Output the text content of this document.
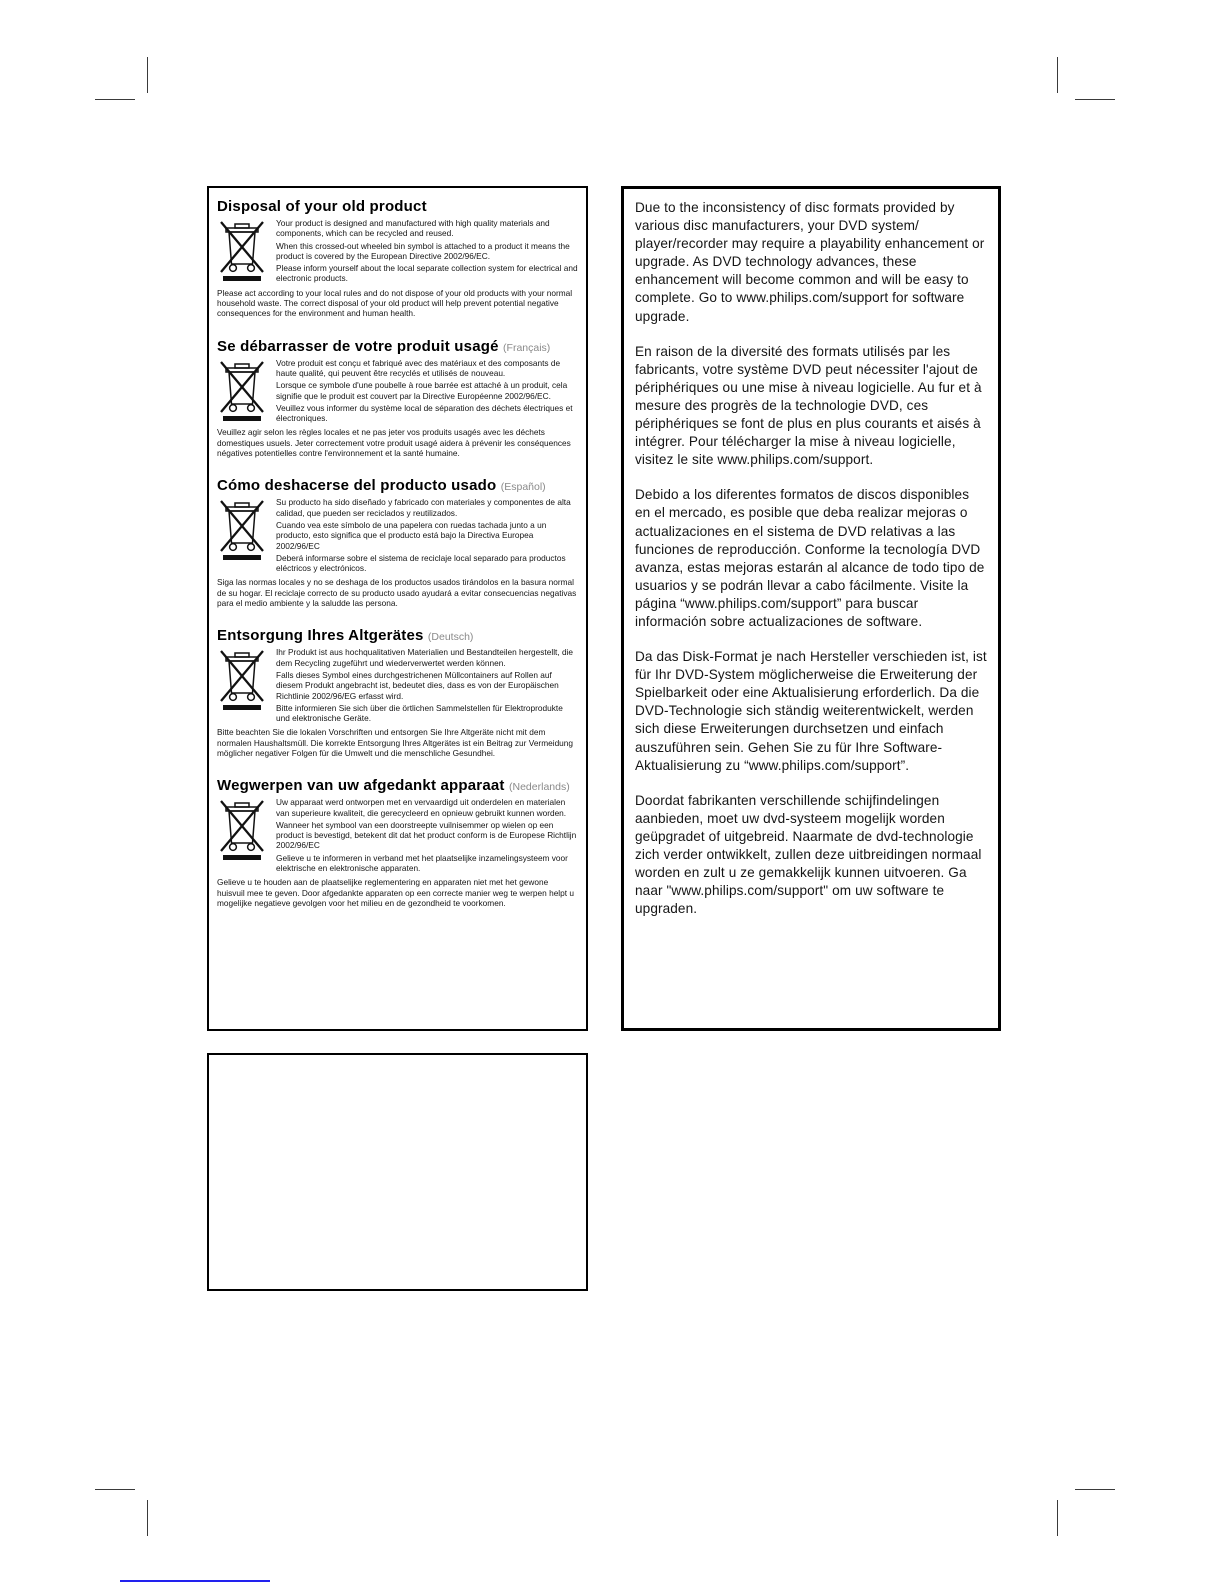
Disposal of your old product

Your product is designed and manufactured with high quality materials and components, which can be recycled and reused.

When this crossed-out wheeled bin symbol is attached to a product it means the product is covered by the European Directive 2002/96/EC.

Please inform yourself about the local separate collection system for electrical and electronic products.

Please act according to your local rules and do not dispose of your old products with your normal household waste. The correct disposal of your old product will help prevent potential negative consequences for the environment and human health.

Se débarrasser de votre produit usagé (Français)

Votre produit est conçu et fabriqué avec des matériaux et des composants de haute qualité, qui peuvent être recyclés et utilisés de nouveau.

Lorsque ce symbole d'une poubelle à roue barrée est attaché à un produit, cela signifie que le produit est couvert par la Directive Européenne 2002/96/EC.

Veuillez vous informer du système local de séparation des déchets électriques et électroniques.

Veuillez agir selon les règles locales et ne pas jeter vos produits usagés avec les déchets domestiques usuels. Jeter correctement votre produit usagé aidera à prévenir les conséquences négatives potentielles contre l'environnement et la santé humaine.

Cómo deshacerse del producto usado (Español)

Su producto ha sido diseñado y fabricado con materiales y componentes de alta calidad, que pueden ser reciclados y reutilizados.

Cuando vea este símbolo de una papelera con ruedas tachada junto a un producto, esto significa que el producto está bajo la Directiva Europea 2002/96/EC

Deberá informarse sobre el sistema de reciclaje local separado para productos eléctricos y electrónicos.

Siga las normas locales y no se deshaga de los productos usados tirándolos en la basura normal de su hogar. El reciclaje correcto de su producto usado ayudará a evitar consecuencias negativas para el medio ambiente y la saludde las persona.

Entsorgung Ihres Altgerätes (Deutsch)

Ihr Produkt ist aus hochqualitativen Materialien und Bestandteilen hergestellt, die dem Recycling zugeführt und wiederverwertet werden können.

Falls dieses Symbol eines durchgestrichenen Müllcontainers auf Rollen auf diesem Produkt angebracht ist, bedeutet dies, dass es von der Europäischen Richtlinie 2002/96/EG erfasst wird.

Bitte informieren Sie sich über die örtlichen Sammelstellen für Elektroprodukte und elektronische Geräte.

Bitte beachten Sie die lokalen Vorschriften und entsorgen Sie Ihre Altgeräte nicht mit dem normalen Haushaltsmüll. Die korrekte Entsorgung Ihres Altgerätes ist ein Beitrag zur Vermeidung möglicher negativer Folgen für die Umwelt und die menschliche Gesundhei.

Wegwerpen van uw afgedankt apparaat (Nederlands)

Uw apparaat werd ontworpen met en vervaardigd uit onderdelen en materialen van superieure kwaliteit, die gerecycleerd en opnieuw gebruikt kunnen worden.

Wanneer het symbool van een doorstreepte vuilnisemmer op wielen op een product is bevestigd, betekent dit dat het product conform is de Europese Richtlijn 2002/96/EC

Gelieve u te informeren in verband met het plaatselijke inzamelingsysteem voor elektrische en elektronische apparaten.

Gelieve u te houden aan de plaatselijke reglementering en apparaten niet met het gewone huisvuil mee te geven. Door afgedankte apparaten op een correcte manier weg te werpen helpt u mogelijke negatieve gevolgen voor het milieu en de gezondheid te voorkomen.

Due to the inconsistency of disc formats provided by various disc manufacturers, your DVD system/ player/recorder may require a playability enhancement or upgrade. As DVD technology advances, these enhancement will become common and will be easy to complete. Go to www.philips.com/support for software upgrade.

En raison de la diversité des formats utilisés par les fabricants, votre système DVD peut nécessiter l'ajout de périphériques ou une mise à niveau logicielle. Au fur et à mesure des progrès de la technologie DVD, ces périphériques se font de plus en plus courants et aisés à intégrer. Pour télécharger la mise à niveau logicielle, visitez le site www.philips.com/support.

Debido a los diferentes formatos de discos disponibles en el mercado, es posible que deba realizar mejoras o actualizaciones en el sistema de DVD relativas a las funciones de reproducción. Conforme la tecnología DVD avanza, estas mejoras estarán al alcance de todo tipo de usuarios y se podrán llevar a cabo fácilmente. Visite la página “www.philips.com/support” para buscar información sobre actualizaciones de software.

Da das Disk-Format je nach Hersteller verschieden ist, ist für Ihr DVD-System möglicherweise die Erweiterung der Spielbarkeit oder eine Aktualisierung erforderlich. Da die DVD-Technologie sich ständig weiterentwickelt, werden sich diese Erweiterungen durchsetzen und einfach auszuführen sein. Gehen Sie zu für Ihre Software-Aktualisierung zu “www.philips.com/support”.

Doordat fabrikanten verschillende schijfindelingen aanbieden, moet uw dvd-systeem mogelijk worden geüpgradet of uitgebreid. Naarmate de dvd-technologie zich verder ontwikkelt, zullen deze uitbreidingen normaal worden en zult u ze gemakkelijk kunnen uitvoeren. Ga naar "www.philips.com/support" om uw software te upgraden.
